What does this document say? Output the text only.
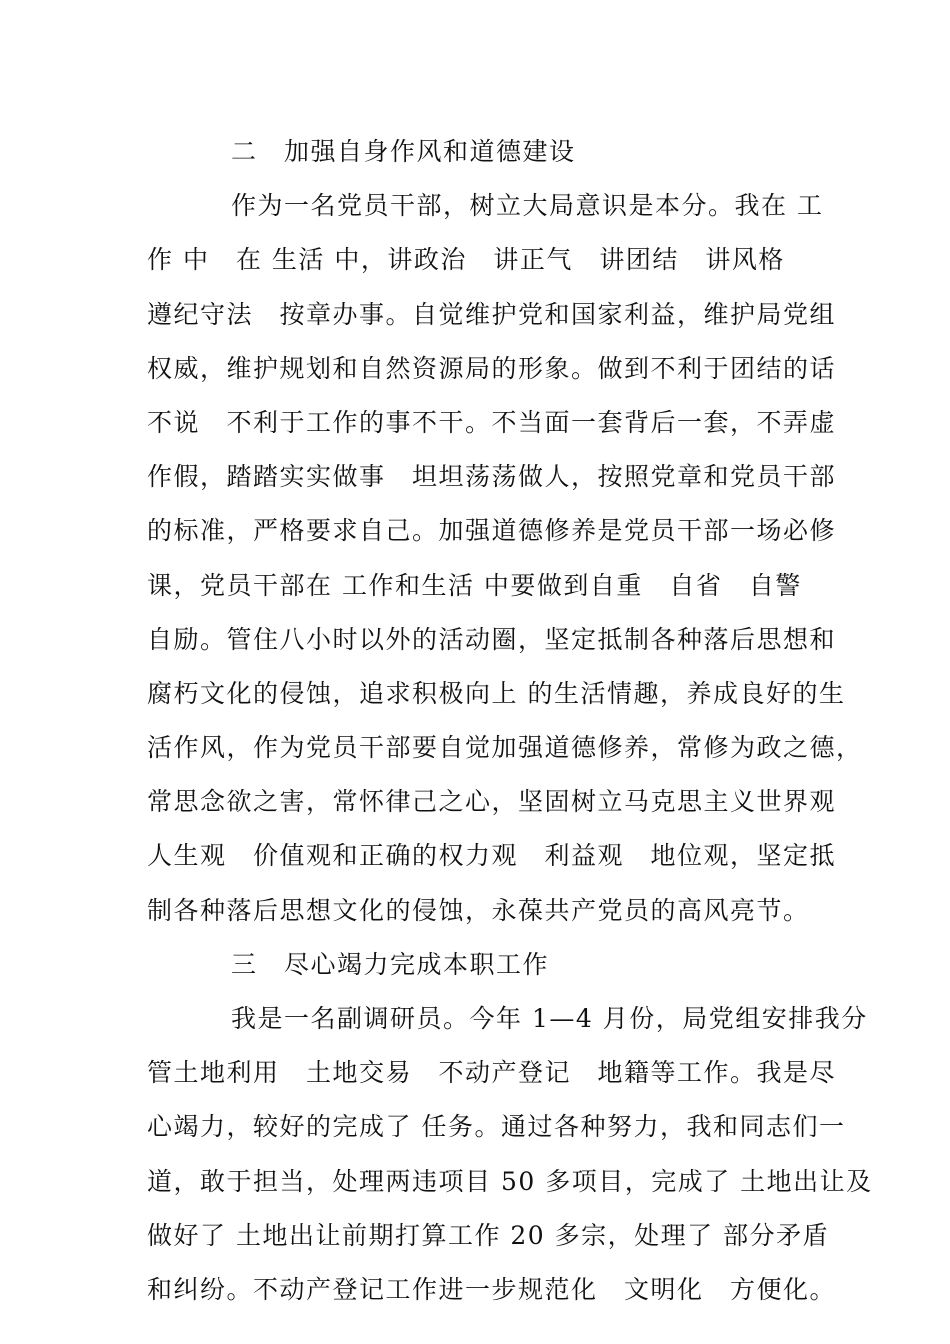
二　加强自身作风和道德建设
作为一名党员干部，树立大局意识是本分。我在 工
作 中　在 生活 中，讲政治　讲正气　讲团结　讲风格
遵纪守法　按章办事。自觉维护党和国家利益，维护局党组
权威，维护规划和自然资源局的形象。做到不利于团结的话
不说　不利于工作的事不干。不当面一套背后一套，不弄虚
作假，踏踏实实做事　坦坦荡荡做人，按照党章和党员干部
的标准，严格要求自己。加强道德修养是党员干部一场必修
课，党员干部在 工作和生活 中要做到自重　自省　自警
自励。管住八小时以外的活动圈，坚定抵制各种落后思想和
腐朽文化的侵蚀，追求积极向上 的生活情趣，养成良好的生
活作风，作为党员干部要自觉加强道德修养，常修为政之德，
常思念欲之害，常怀律己之心，坚固树立马克思主义世界观
人生观　价值观和正确的权力观　利益观　地位观，坚定抵
制各种落后思想文化的侵蚀，永葆共产党员的高风亮节。
三　尽心竭力完成本职工作
我是一名副调研员。今年 1—4 月份，局党组安排我分
管土地利用　土地交易　不动产登记　地籍等工作。我是尽
心竭力，较好的完成了 任务。通过各种努力，我和同志们一
道，敢于担当，处理两违项目 50 多项目，完成了 土地出让及
做好了 土地出让前期打算工作 20 多宗，处理了 部分矛盾
和纠纷。不动产登记工作进一步规范化　文明化　方便化。
